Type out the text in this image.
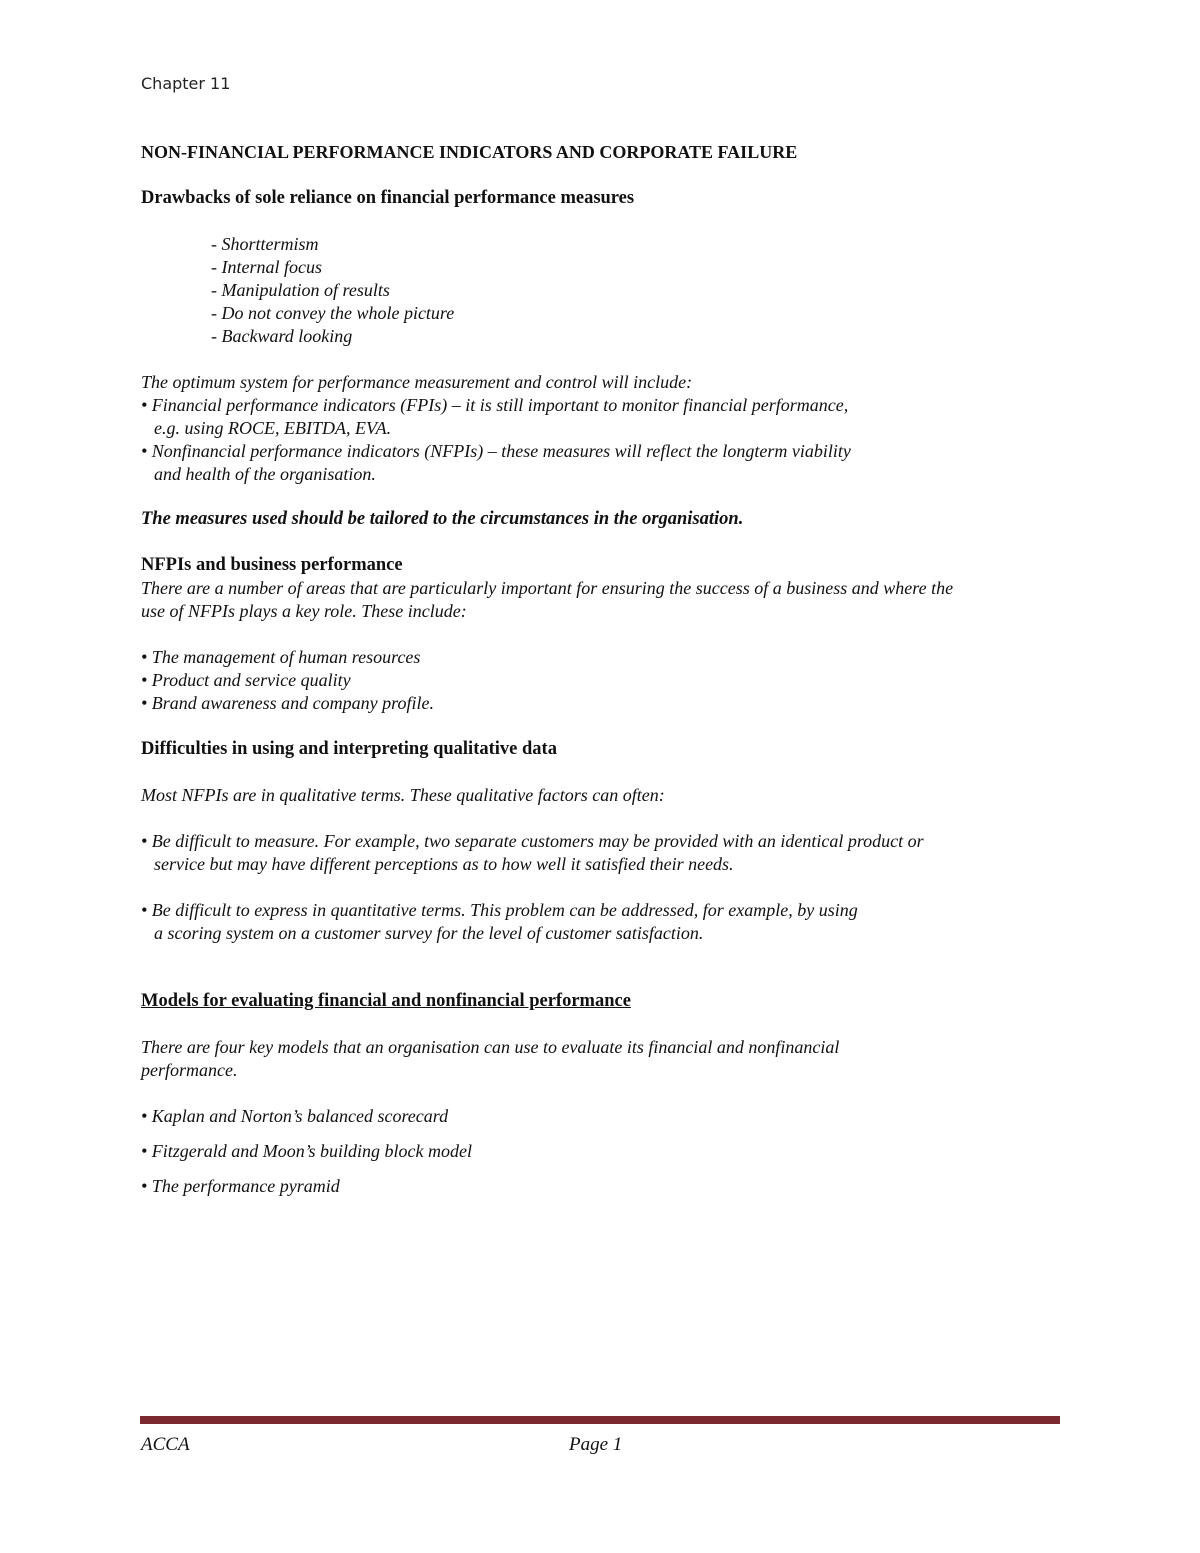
Chapter 11
NON-FINANCIAL PERFORMANCE INDICATORS AND CORPORATE FAILURE
Drawbacks of sole reliance on financial performance measures
- Shorttermism
- Internal focus
- Manipulation of results
- Do not convey the whole picture
- Backward looking
The optimum system for performance measurement and control will include:
• Financial performance indicators (FPIs) – it is still important to monitor financial performance,
e.g. using ROCE, EBITDA, EVA.
• Nonfinancial performance indicators (NFPIs) – these measures will reflect the longterm viability
and health of the organisation.
The measures used should be tailored to the circumstances in the organisation.
NFPIs and business performance
There are a number of areas that are particularly important for ensuring the success of a business and where the
use of NFPIs plays a key role. These include:
• The management of human resources
• Product and service quality
• Brand awareness and company profile.
Difficulties in using and interpreting qualitative data
Most NFPIs are in qualitative terms. These qualitative factors can often:
• Be difficult to measure. For example, two separate customers may be provided with an identical product or
service but may have different perceptions as to how well it satisfied their needs.
• Be difficult to express in quantitative terms. This problem can be addressed, for example, by using
a scoring system on a customer survey for the level of customer satisfaction.
Models for evaluating financial and nonfinancial performance
There are four key models that an organisation can use to evaluate its financial and nonfinancial
performance.
• Kaplan and Norton’s balanced scorecard
• Fitzgerald and Moon’s building block model
• The performance pyramid
ACCA	Page 1
